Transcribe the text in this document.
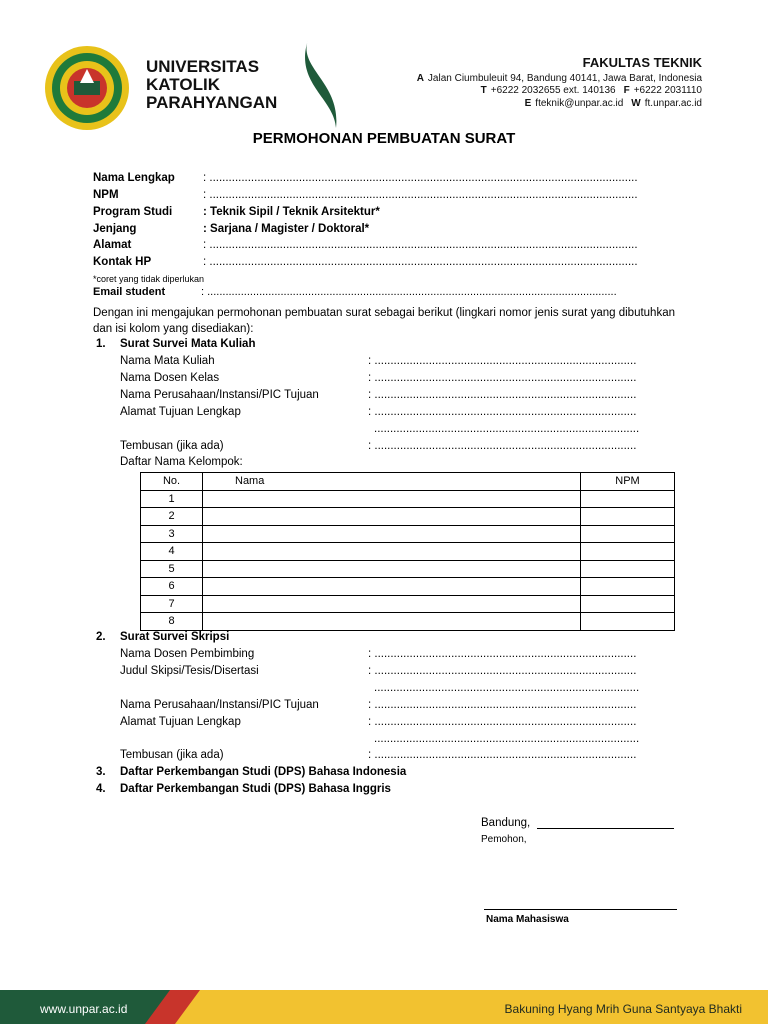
UNIVERSITAS
KATOLIK
PARAHYANGAN
FAKULTAS TEKNIK
A Jalan Ciumbuleuit 94, Bandung 40141, Jawa Barat, Indonesia
T +6222 2032655 ext. 140136 F +6222 2031110
E fteknik@unpar.ac.id W ft.unpar.ac.id
PERMOHONAN PEMBUATAN SURAT
Nama Lengkap : ......................................................................................................................................
NPM	: ......................................................................................................................................
Program Studi	: Teknik Sipil / Teknik Arsitektur*
Jenjang	: Sarjana / Magister / Doktoral*
Alamat	: ......................................................................................................................................
Kontak HP	: ......................................................................................................................................
*coret yang tidak diperlukan
Email student	: ......................................................................................................................................
Dengan ini mengajukan permohonan pembuatan surat sebagai berikut (lingkari nomor jenis surat yang dibutuhkan dan isi kolom yang disediakan):
1. Surat Survei Mata Kuliah
Nama Mata Kuliah	: ..................................................................................
Nama Dosen Kelas	: ..................................................................................
Nama Perusahaan/Instansi/PIC Tujuan	: ..................................................................................
Alamat Tujuan Lengkap	: ..................................................................................
...................................................................................
Tembusan (jika ada)	: ..................................................................................
Daftar Nama Kelompok:
No.	Nama	NPM
1		
2		
3		
4		
5		
6		
7		
8		
2. Surat Survei Skripsi
Nama Dosen Pembimbing	: ..................................................................................
Judul Skipsi/Tesis/Disertasi	: ..................................................................................
...................................................................................
Nama Perusahaan/Instansi/PIC Tujuan	: ..................................................................................
Alamat Tujuan Lengkap	: ..................................................................................
...................................................................................
Tembusan (jika ada)	: ..................................................................................
3. Daftar Perkembangan Studi (DPS) Bahasa Indonesia
4. Daftar Perkembangan Studi (DPS) Bahasa Inggris
Bandung,
Pemohon,
Nama Mahasiswa
www.unpar.ac.id	Bakuning Hyang Mrih Guna Santyaya Bhakti
